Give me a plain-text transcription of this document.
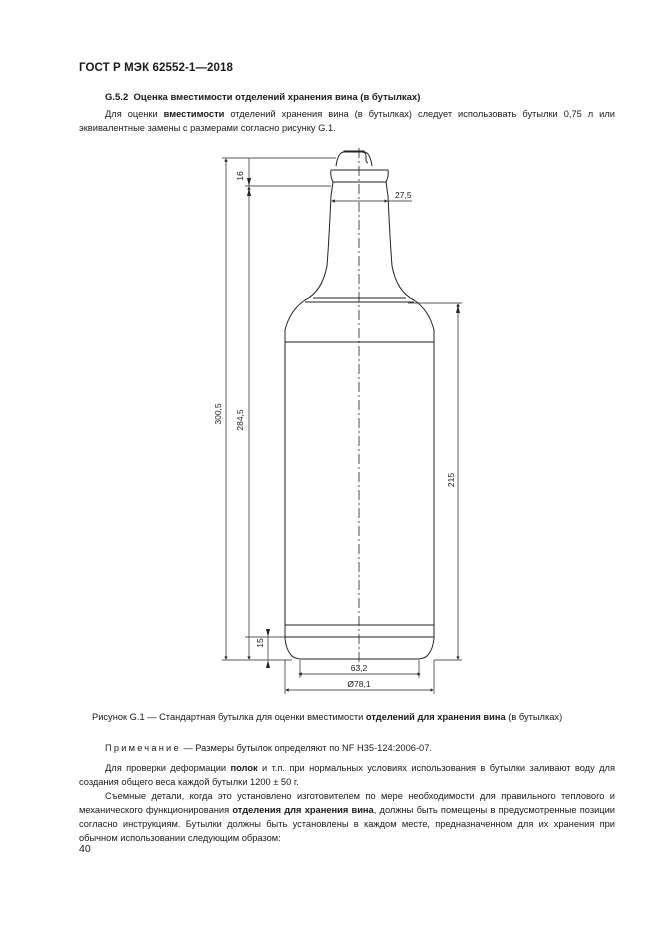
ГОСТ Р МЭК 62552-1—2018
G.5.2 Оценка вместимости отделений хранения вина (в бутылках)
Для оценки вместимости отделений хранения вина (в бутылках) следует использовать бутылки 0,75 л или эквивалентные замены с размерами согласно рисунку G.1.
16
27,5
300,5 284,5
215
15
63,2
Ø78,1
Рисунок G.1 — Стандартная бутылка для оценки вместимости отделений для хранения вина (в бутылках)
Примечание — Размеры бутылок определяют по NF H35-124:2006-07.
Для проверки деформации полок и т.п. при нормальных условиях использования в бутылки заливают воду для создания общего веса каждой бутылки 1200 ± 50 г.
Съемные детали, когда это установлено изготовителем по мере необходимости для правильного теплового и механического функционирования отделения для хранения вина, должны быть помещены в предусмотренные позиции согласно инструкциям. Бутылки должны быть установлены в каждом месте, предназначенном для их хранения при обычном использовании следующим образом:
40
